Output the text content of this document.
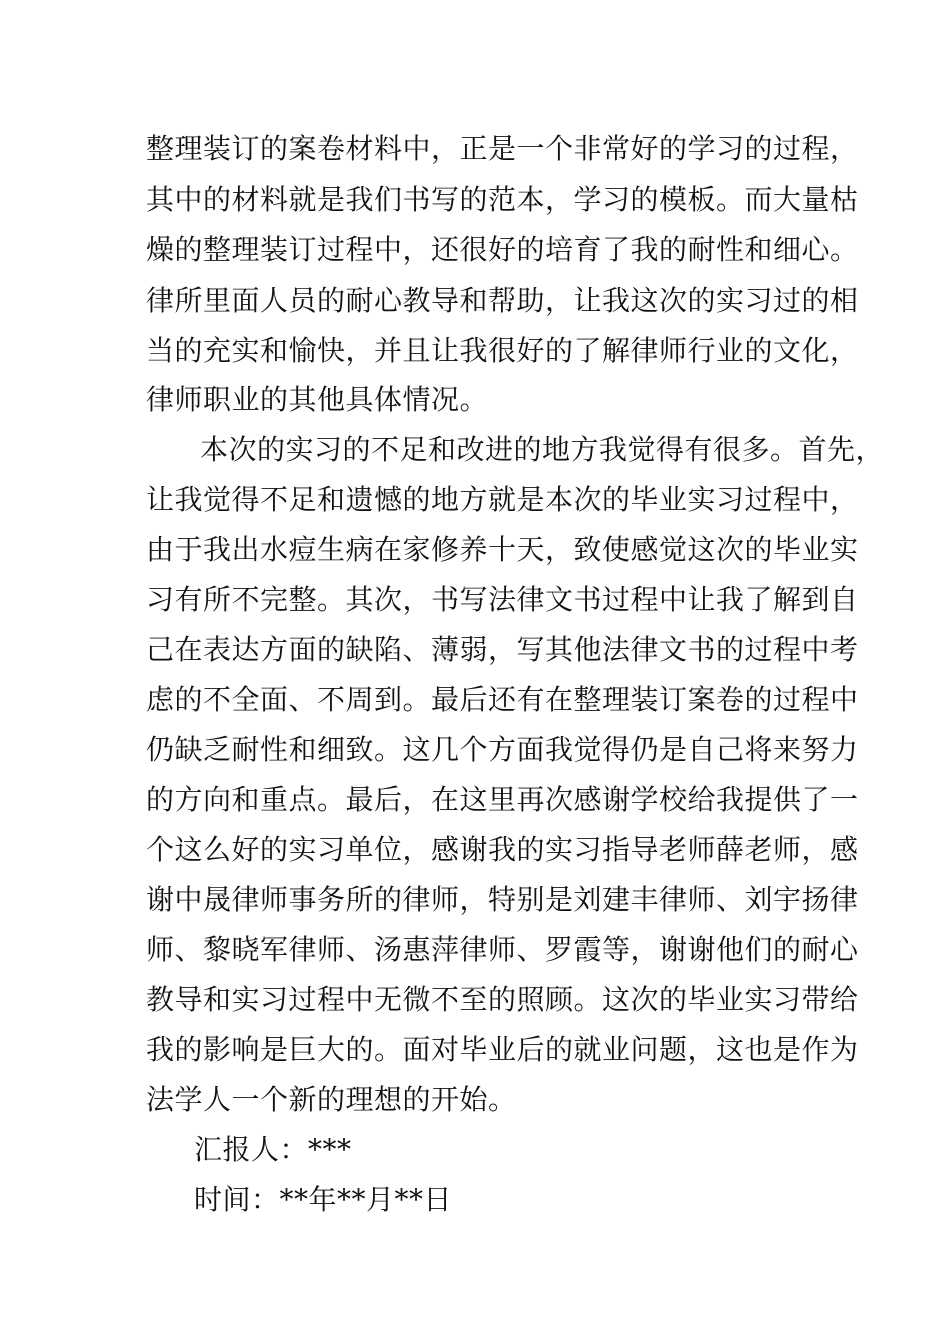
整理装订的案卷材料中，正是一个非常好的学习的过程，
其中的材料就是我们书写的范本，学习的模板。而大量枯
燥的整理装订过程中，还很好的培育了我的耐性和细心。
律所里面人员的耐心教导和帮助，让我这次的实习过的相
当的充实和愉快，并且让我很好的了解律师行业的文化，
律师职业的其他具体情况。
本次的实习的不足和改进的地方我觉得有很多。首先，
让我觉得不足和遗憾的地方就是本次的毕业实习过程中，
由于我出水痘生病在家修养十天，致使感觉这次的毕业实
习有所不完整。其次，书写法律文书过程中让我了解到自
己在表达方面的缺陷、薄弱，写其他法律文书的过程中考
虑的不全面、不周到。最后还有在整理装订案卷的过程中
仍缺乏耐性和细致。这几个方面我觉得仍是自己将来努力
的方向和重点。最后，在这里再次感谢学校给我提供了一
个这么好的实习单位，感谢我的实习指导老师薛老师，感
谢中晟律师事务所的律师，特别是刘建丰律师、刘宇扬律
师、黎晓军律师、汤惠萍律师、罗霞等，谢谢他们的耐心
教导和实习过程中无微不至的照顾。这次的毕业实习带给
我的影响是巨大的。面对毕业后的就业问题，这也是作为
法学人一个新的理想的开始。
汇报人：***
时间：**年**月**日
